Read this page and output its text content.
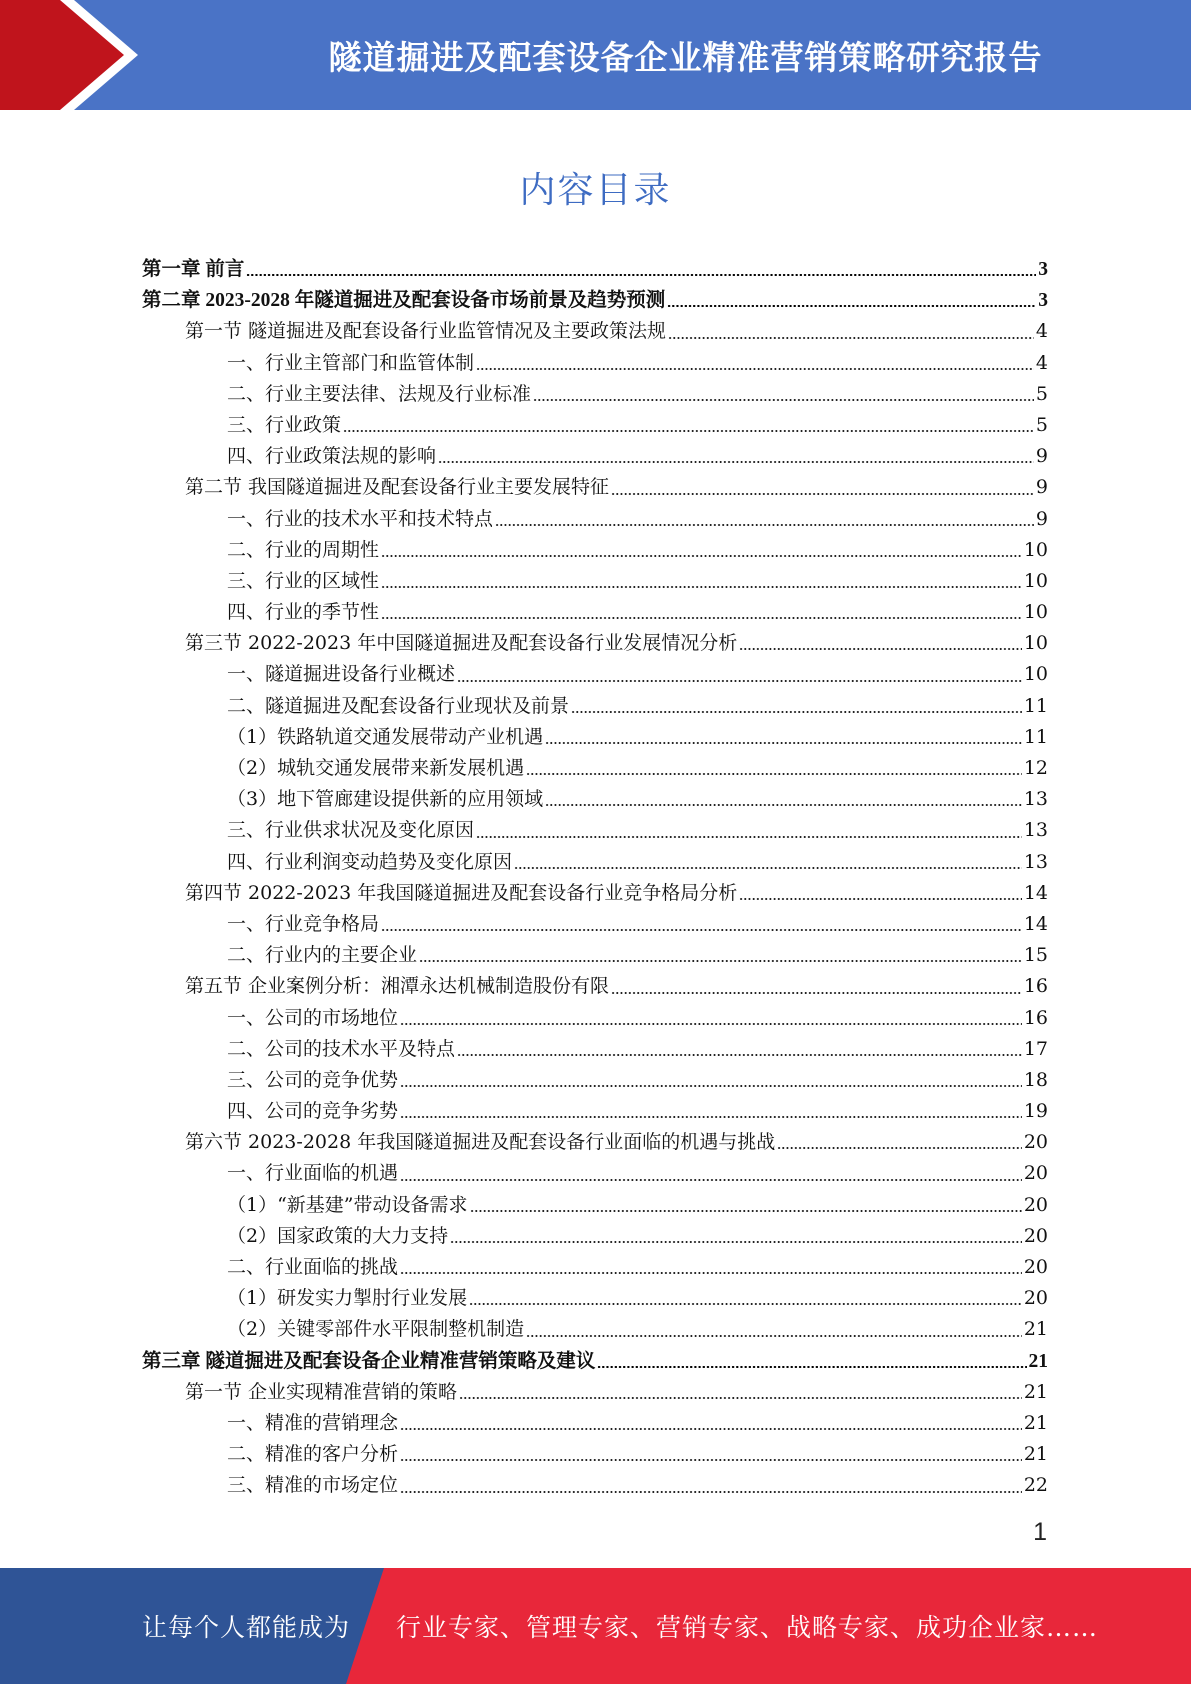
隧道掘进及配套设备企业精准营销策略研究报告
内容目录
第一章 前言	3
第二章 2023-2028 年隧道掘进及配套设备市场前景及趋势预测	3
第一节 隧道掘进及配套设备行业监管情况及主要政策法规	4
一、行业主管部门和监管体制	4
二、行业主要法律、法规及行业标准	5
三、行业政策	5
四、行业政策法规的影响	9
第二节 我国隧道掘进及配套设备行业主要发展特征	9
一、行业的技术水平和技术特点	9
二、行业的周期性	10
三、行业的区域性	10
四、行业的季节性	10
第三节 2022-2023 年中国隧道掘进及配套设备行业发展情况分析	10
一、隧道掘进设备行业概述	10
二、隧道掘进及配套设备行业现状及前景	11
（1）铁路轨道交通发展带动产业机遇	11
（2）城轨交通发展带来新发展机遇	12
（3）地下管廊建设提供新的应用领域	13
三、行业供求状况及变化原因	13
四、行业利润变动趋势及变化原因	13
第四节 2022-2023 年我国隧道掘进及配套设备行业竞争格局分析	14
一、行业竞争格局	14
二、行业内的主要企业	15
第五节 企业案例分析：湘潭永达机械制造股份有限	16
一、公司的市场地位	16
二、公司的技术水平及特点	17
三、公司的竞争优势	18
四、公司的竞争劣势	19
第六节 2023-2028 年我国隧道掘进及配套设备行业面临的机遇与挑战	20
一、行业面临的机遇	20
（1）“新基建”带动设备需求	20
（2）国家政策的大力支持	20
二、行业面临的挑战	20
（1）研发实力掣肘行业发展	20
（2）关键零部件水平限制整机制造	21
第三章 隧道掘进及配套设备企业精准营销策略及建议	21
第一节 企业实现精准营销的策略	21
一、精准的营销理念	21
二、精准的客户分析	21
三、精准的市场定位	22
1
让每个人都能成为 行业专家、管理专家、营销专家、战略专家、成功企业家……
